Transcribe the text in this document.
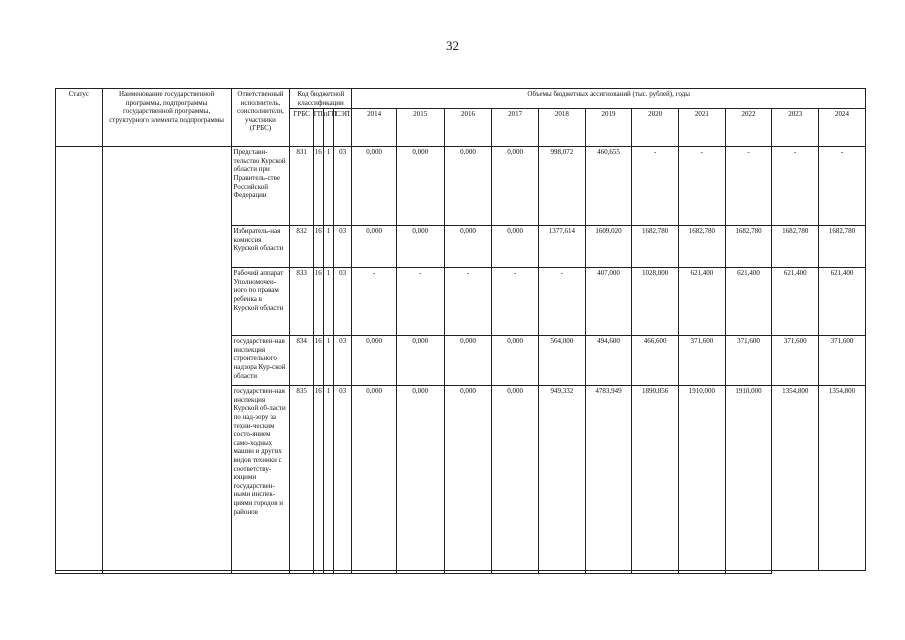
32
Статус	Наименование государственной программы, подпрограммы государственной программы, структурного элемента подпрограммы	Ответственный исполнитель, соисполнители, участники (ГРБС)	Код бюджетной классификации				Объемы бюджетных ассигнований (тыс. рублей), годы										
			ГРБС	ГП	пГП	СЭП	2014	2015	2016	2017	2018	2019	2020	2021	2022	2023	2024
		Представи-тельство Курской области при Правитель-стве Российской Федерации	831	16	1	03	0,000	0,000	0,000	0,000	998,072	460,655	-	-	-	-	-
		Избиратель-ная комиссия Курской области	832	16	1	03	0,000	0,000	0,000	0,000	1377,614	1609,020	1682,780	1682,780	1682,780	1682,780	1682,780
		Рабочий аппарат Уполномочен-ного по правам ребенка в Курской области	833	16	1	03	-	-	-	-	-	407,000	1028,000	621,400	621,400	621,400	621,400
		государствен-ная инспекция строительного надзора Кур-ской области	834	16	1	03	0,000	0,000	0,000	0,000	564,000	494,600	466,600	371,600	371,600	371,600	371,600
		государствен-ная инспекция Курской об-ласти по над-зору за техни-ческим состо-янием само-ходных машин и других видов техники с соответству-ющими государствен-ными инспек-циями городов и районов	835	16	1	03	0,000	0,000	0,000	0,000	949,332	4783,949	1890,856	1910,000	1910,000	1354,800	1354,800
